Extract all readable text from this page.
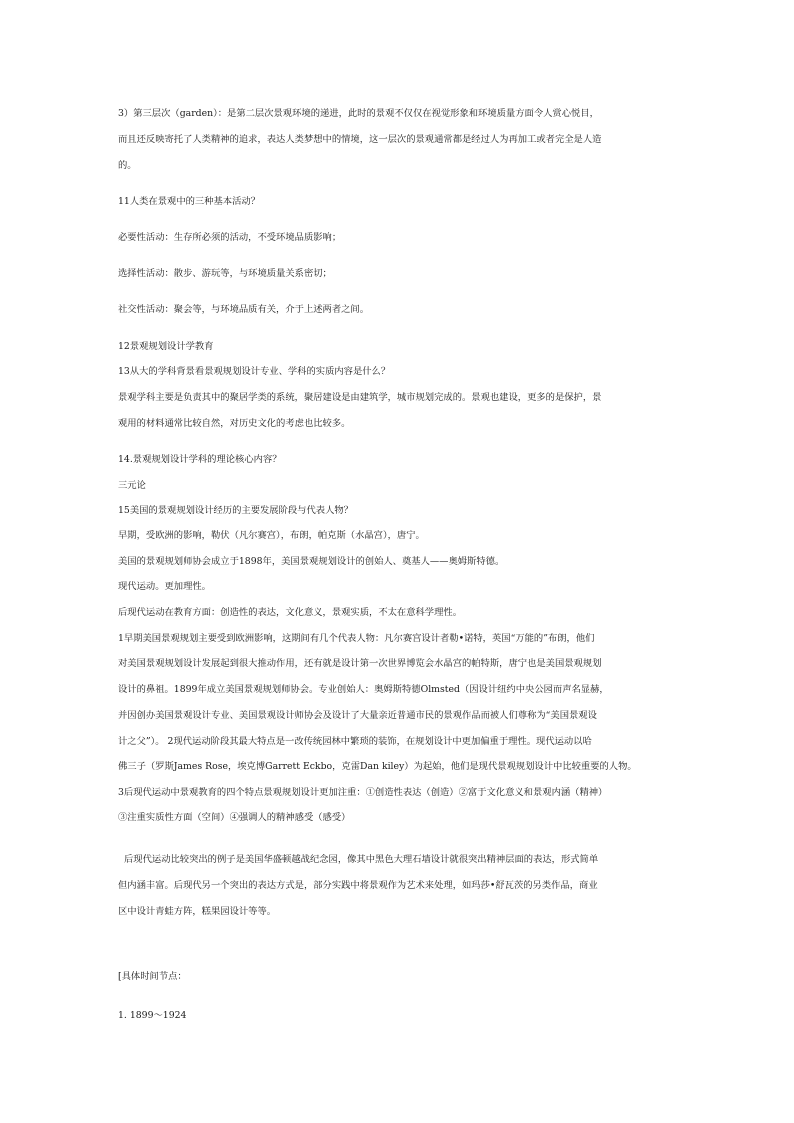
3）第三层次（garden）：是第二层次景观环境的递进，此时的景观不仅仅在视觉形象和环境质量方面令人赏心悦目，
而且还反映寄托了人类精神的追求，表达人类梦想中的情境，这一层次的景观通常都是经过人为再加工或者完全是人造
的。
11人类在景观中的三种基本活动？
必要性活动：生存所必须的活动，不受环境品质影响；
选择性活动：散步、游玩等，与环境质量关系密切；
社交性活动：聚会等，与环境品质有关，介于上述两者之间。
12景观规划设计学教育
13从大的学科背景看景观规划设计专业、学科的实质内容是什么？
景观学科主要是负责其中的聚居学类的系统，聚居建设是由建筑学，城市规划完成的。景观也建设，更多的是保护，景
观用的材料通常比较自然，对历史文化的考虑也比较多。
14.景观规划设计学科的理论核心内容？
三元论
15美国的景观规划设计经历的主要发展阶段与代表人物？
早期，受欧洲的影响，勒伏（凡尔赛宫），布朗，帕克斯（水晶宫），唐宁。
美国的景观规划师协会成立于1898年，美国景观规划设计的创始人、奠基人——奥姆斯特德。
现代运动。更加理性。
后现代运动在教育方面：创造性的表达，文化意义，景观实质，不太在意科学理性。
1早期美国景观规划主要受到欧洲影响，这期间有几个代表人物：凡尔赛宫设计者勒•诺特，英国“万能的”布朗，他们
对美国景观规划设计发展起到很大推动作用，还有就是设计第一次世界博览会水晶宫的帕特斯，唐宁也是美国景观规划
设计的鼻祖。1899年成立美国景观规划师协会。专业创始人：奥姆斯特德Olmsted（因设计纽约中央公园而声名显赫，
并因创办美国景观设计专业、美国景观设计师协会及设计了大量亲近普通市民的景观作品而被人们尊称为“美国景观设
计之父”）。 2现代运动阶段其最大特点是一改传统园林中繁琐的装饰，在规划设计中更加偏重于理性。现代运动以哈
佛三子（罗斯James Rose，埃克博Garrett Eckbo，克雷Dan kiley）为起始，他们是现代景观规划设计中比较重要的人物。
3后现代运动中景观教育的四个特点景观规划设计更加注重：①创造性表达（创造）②富于文化意义和景观内涵（精神）
③注重实质性方面（空间）④强调人的精神感受（感受）
后现代运动比较突出的例子是美国华盛顿越战纪念园，像其中黑色大理石墙设计就很突出精神层面的表达，形式简单
但内涵丰富。后现代另一个突出的表达方式是，部分实践中将景观作为艺术来处理，如玛莎•舒瓦茨的另类作品，商业
区中设计青蛙方阵，糕果园设计等等。
[具体时间节点：
1. 1899～1924
